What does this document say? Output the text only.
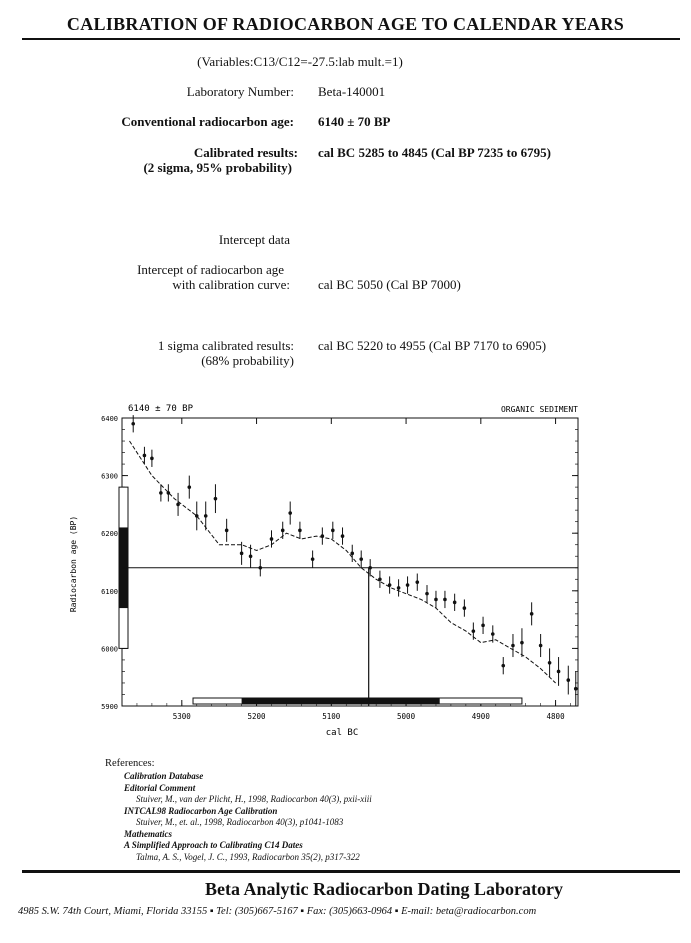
CALIBRATION OF RADIOCARBON AGE TO CALENDAR YEARS
(Variables:C13/C12=-27.5:lab mult.=1)
Laboratory Number: Beta-140001
Conventional radiocarbon age: 6140 ± 70 BP
Calibrated results:
(2 sigma, 95% probability)
cal BC 5285 to 4845 (Cal BP 7235 to 6795)
Intercept data
Intercept of radiocarbon age
with calibration curve: cal BC 5050 (Cal BP 7000)
1 sigma calibrated results:
(68% probability)
cal BC 5220 to 4955 (Cal BP 7170 to 6905)
5900
6000
6100
6200
6300
6400
5300	5200	5100	5000	4900	4800
6140 ± 70 BP	ORGANIC SEDIMENT
cal BC
Radiocarbon age (BP)
References:
Calibration Database
Editorial Comment
Stuiver, M., van der Plicht, H., 1998, Radiocarbon 40(3), pxii-xiii
INTCAL98 Radiocarbon Age Calibration
Stuiver, M., et. al., 1998, Radiocarbon 40(3), p1041-1083
Mathematics
A Simplified Approach to Calibrating C14 Dates
Talma, A. S., Vogel, J. C., 1993, Radiocarbon 35(2), p317-322
Beta Analytic Radiocarbon Dating Laboratory
4985 S.W. 74th Court, Miami, Florida 33155 ▪ Tel: (305)667-5167 ▪ Fax: (305)663-0964 ▪ E-mail: beta@radiocarbon.com
